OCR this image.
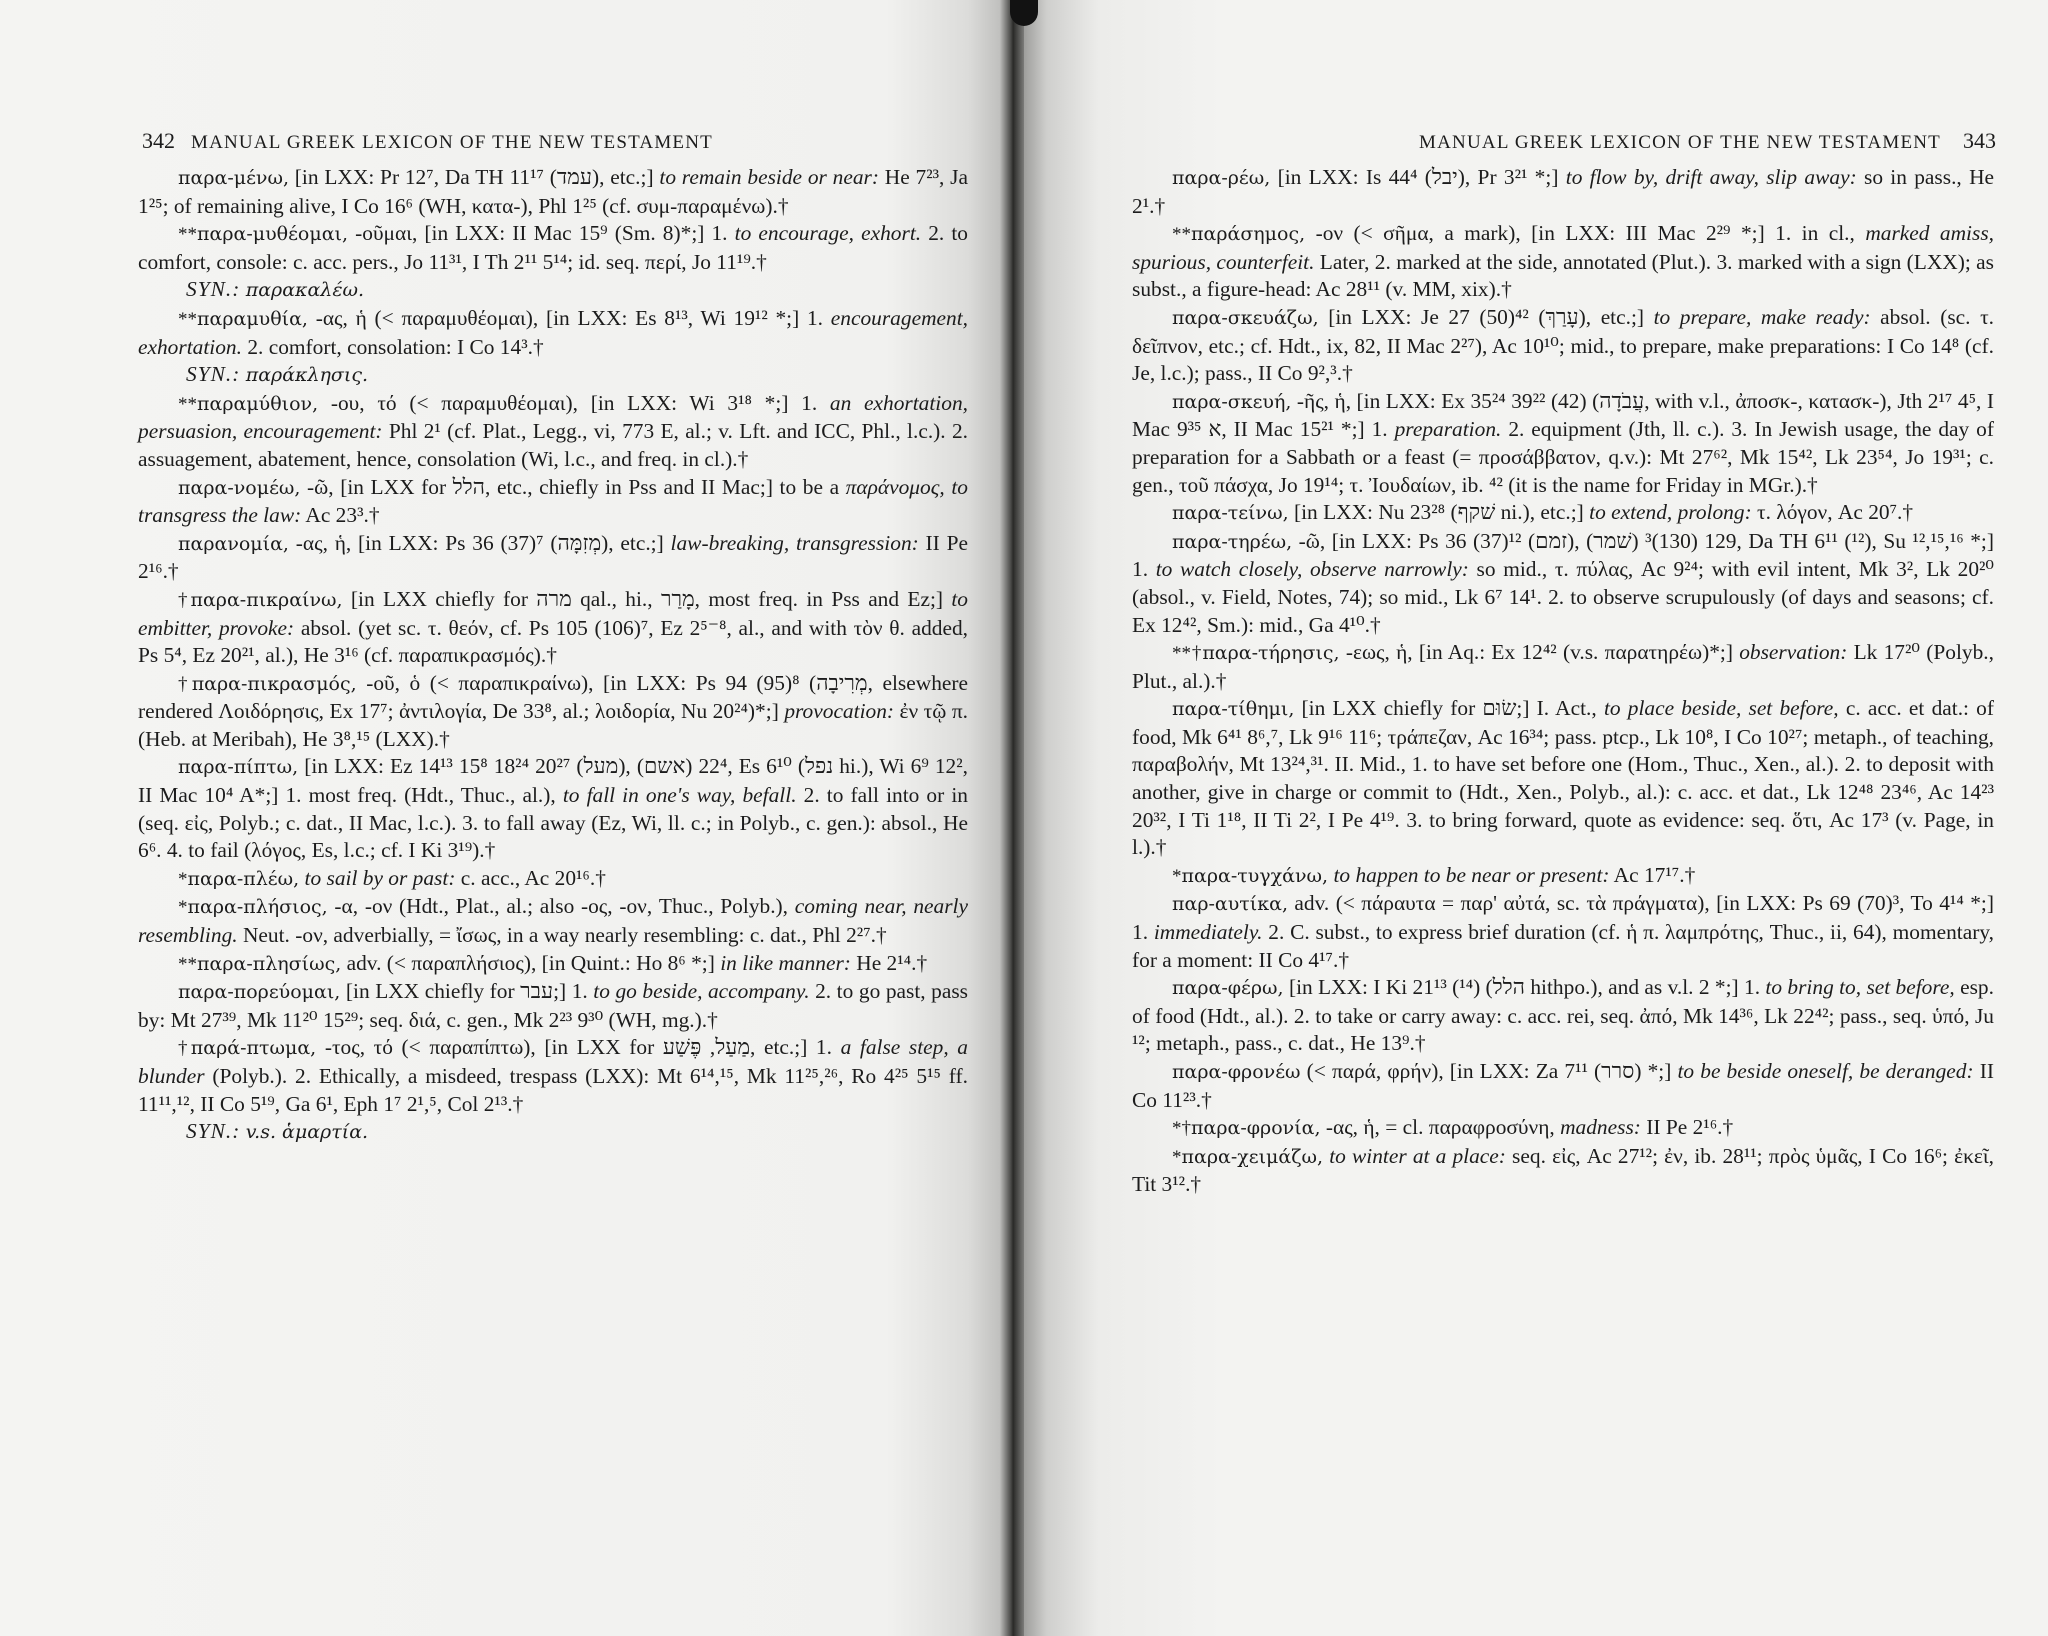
342 MANUAL GREEK LEXICON OF THE NEW TESTAMENT

παρα-μένω, [in LXX: Pr 12⁷, Da TH 11¹⁷ (עמד), etc.;] to remain beside or near: He 7²³, Ja 1²⁵; of remaining alive, I Co 16⁶ (WH, κατα-), Phl 1²⁵ (cf. συμ-παραμένω).†

**παρα-μυθέομαι, -οῦμαι, [in LXX: II Mac 15⁹ (Sm. 8)*;] 1. to encourage, exhort. 2. to comfort, console: c. acc. pers., Jo 11³¹, I Th 2¹¹ 5¹⁴; id. seq. περί, Jo 11¹⁹.†

SYN.: παρακαλέω.

**παραμυθία, -ας, ἡ (< παραμυθέομαι), [in LXX: Es 8¹³, Wi 19¹² *;] 1. encouragement, exhortation. 2. comfort, consolation: I Co 14³.†

SYN.: παράκλησις.

**παραμύθιον, -ου, τό (< παραμυθέομαι), [in LXX: Wi 3¹⁸ *;] 1. an exhortation, persuasion, encouragement: Phl 2¹ (cf. Plat., Legg., vi, 773 E, al.; v. Lft. and ICC, Phl., l.c.). 2. assuagement, abatement, hence, consolation (Wi, l.c., and freq. in cl.).†

παρα-νομέω, -ῶ, [in LXX for הלל, etc., chiefly in Pss and II Mac;] to be a παράνομος, to transgress the law: Ac 23³.†

παρανομία, -ας, ἡ, [in LXX: Ps 36 (37)⁷ (מְזִמָּה), etc.;] law-breaking, transgression: II Pe 2¹⁶.†

†παρα-πικραίνω, [in LXX chiefly for מרה qal., hi., מָרַר, most freq. in Pss and Ez;] to embitter, provoke: absol. (yet sc. τ. θεόν, cf. Ps 105 (106)⁷, Ez 2⁵⁻⁸, al., and with τὸν θ. added, Ps 5⁴, Ez 20²¹, al.), He 3¹⁶ (cf. παραπικρασμός).†

†παρα-πικρασμός, -οῦ, ὁ (< παραπικραίνω), [in LXX: Ps 94 (95)⁸ (מְרִיבָה, elsewhere rendered Λοιδόρησις, Ex 17⁷; ἀντιλογία, De 33⁸, al.; λοιδορία, Nu 20²⁴)*;] provocation: ἐν τῷ π. (Heb. at Meribah), He 3⁸,¹⁵ (LXX).†

παρα-πίπτω, [in LXX: Ez 14¹³ 15⁸ 18²⁴ 20²⁷ (מעל), 22⁴ (אשם), Es 6¹⁰ (נפל hi.), Wi 6⁹ 12², II Mac 10⁴ A*;] 1. most freq. (Hdt., Thuc., al.), to fall in one's way, befall. 2. to fall into or in (seq. εἰς, Polyb.; c. dat., II Mac, l.c.). 3. to fall away (Ez, Wi, ll. c.; in Polyb., c. gen.): absol., He 6⁶. 4. to fail (λόγος, Es, l.c.; cf. I Ki 3¹⁹).†

*παρα-πλέω, to sail by or past: c. acc., Ac 20¹⁶.†

*παρα-πλήσιος, -α, -ον (Hdt., Plat., al.; also -ος, -ον, Thuc., Polyb.), coming near, nearly resembling. Neut. -ον, adverbially, = ἴσως, in a way nearly resembling: c. dat., Phl 2²⁷.†

**παρα-πλησίως, adv. (< παραπλήσιος), [in Quint.: Ho 8⁶ *;] in like manner: He 2¹⁴.†

παρα-πορεύομαι, [in LXX chiefly for עבר;] 1. to go beside, accompany. 2. to go past, pass by: Mt 27³⁹, Mk 11²⁰ 15²⁹; seq. διά, c. gen., Mk 2²³ 9³⁰ (WH, mg.).†

†παρά-πτωμα, -τος, τό (< παραπίπτω), [in LXX for מַעַל, פֶּשַׁע, etc.;] 1. a false step, a blunder (Polyb.). 2. Ethically, a misdeed, trespass (LXX): Mt 6¹⁴,¹⁵, Mk 11²⁵,²⁶, Ro 4²⁵ 5¹⁵ ff. 11¹¹,¹², II Co 5¹⁹, Ga 6¹, Eph 1⁷ 2¹,⁵, Col 2¹³.†

SYN.: v.s. ἁμαρτία.

MANUAL GREEK LEXICON OF THE NEW TESTAMENT 343

παρα-ρέω, [in LXX: Is 44⁴ (יבל), Pr 3²¹ *;] to flow by, drift away, slip away: so in pass., He 2¹.†

**παράσημος, -ον (< σῆμα, a mark), [in LXX: III Mac 2²⁹ *;] 1. in cl., marked amiss, spurious, counterfeit. Later, 2. marked at the side, annotated (Plut.). 3. marked with a sign (LXX); as subst., a figure-head: Ac 28¹¹ (v. MM, xix).†

παρα-σκευάζω, [in LXX: Je 27 (50)⁴² (עָרַךְ), etc.;] to prepare, make ready: absol. (sc. τ. δεῖπνον, etc.; cf. Hdt., ix, 82, II Mac 2²⁷), Ac 10¹⁰; mid., to prepare, make preparations: I Co 14⁸ (cf. Je, l.c.); pass., II Co 9²,³.†

παρα-σκευή, -ῆς, ἡ, [in LXX: Ex 35²⁴ 39²² (42) (עֲבֹדָה, with v.l., ἀποσκ-, κατασκ-), Jth 2¹⁷ 4⁵, I Mac 9³⁵ א, II Mac 15²¹ *;] 1. preparation. 2. equipment (Jth, ll. c.). 3. In Jewish usage, the day of preparation for a Sabbath or a feast (= προσάββατον, q.v.): Mt 27⁶², Mk 15⁴², Lk 23⁵⁴, Jo 19³¹; c. gen., τοῦ πάσχα, Jo 19¹⁴; τ. Ἰουδαίων, ib. ⁴² (it is the name for Friday in MGr.).†

παρα-τείνω, [in LXX: Nu 23²⁸ (שׁקף ni.), etc.;] to extend, prolong: τ. λόγον, Ac 20⁷.†

παρα-τηρέω, -ῶ, [in LXX: Ps 36 (37)¹² (זמם), 129 (130)³ (שׁמר), Da TH 6¹¹ (¹²), Su ¹²,¹⁵,¹⁶ *;] 1. to watch closely, observe narrowly: so mid., τ. πύλας, Ac 9²⁴; with evil intent, Mk 3², Lk 20²⁰ (absol., v. Field, Notes, 74); so mid., Lk 6⁷ 14¹. 2. to observe scrupulously (of days and seasons; cf. Ex 12⁴², Sm.): mid., Ga 4¹⁰.†

**†παρα-τήρησις, -εως, ἡ, [in Aq.: Ex 12⁴² (v.s. παρατηρέω)*;] observation: Lk 17²⁰ (Polyb., Plut., al.).†

παρα-τίθημι, [in LXX chiefly for שׂוּם;] I. Act., to place beside, set before, c. acc. et dat.: of food, Mk 6⁴¹ 8⁶,⁷, Lk 9¹⁶ 11⁶; τράπεζαν, Ac 16³⁴; pass. ptcp., Lk 10⁸, I Co 10²⁷; metaph., of teaching, παραβολήν, Mt 13²⁴,³¹. II. Mid., 1. to have set before one (Hom., Thuc., Xen., al.). 2. to deposit with another, give in charge or commit to (Hdt., Xen., Polyb., al.): c. acc. et dat., Lk 12⁴⁸ 23⁴⁶, Ac 14²³ 20³², I Ti 1¹⁸, II Ti 2², I Pe 4¹⁹. 3. to bring forward, quote as evidence: seq. ὅτι, Ac 17³ (v. Page, in l.).†

*παρα-τυγχάνω, to happen to be near or present: Ac 17¹⁷.†

παρ-αυτίκα, adv. (< πάραυτα = παρ' αὐτά, sc. τὰ πράγματα), [in LXX: Ps 69 (70)³, To 4¹⁴ *;] 1. immediately. 2. C. subst., to express brief duration (cf. ἡ π. λαμπρότης, Thuc., ii, 64), momentary, for a moment: II Co 4¹⁷.†

παρα-φέρω, [in LXX: I Ki 21¹³ (¹⁴) (הלל hithpo.), and as v.l. 2 *;] 1. to bring to, set before, esp. of food (Hdt., al.). 2. to take or carry away: c. acc. rei, seq. ἀπό, Mk 14³⁶, Lk 22⁴²; pass., seq. ὑπό, Ju ¹²; metaph., pass., c. dat., He 13⁹.†

παρα-φρονέω (< παρά, φρήν), [in LXX: Za 7¹¹ (סרר) *;] to be beside oneself, be deranged: II Co 11²³.†

*†παρα-φρονία, -ας, ἡ, = cl. παραφροσύνη, madness: II Pe 2¹⁶.†

*παρα-χειμάζω, to winter at a place: seq. εἰς, Ac 27¹²; ἐν, ib. 28¹¹; πρὸς ὑμᾶς, I Co 16⁶; ἐκεῖ, Tit 3¹².†
